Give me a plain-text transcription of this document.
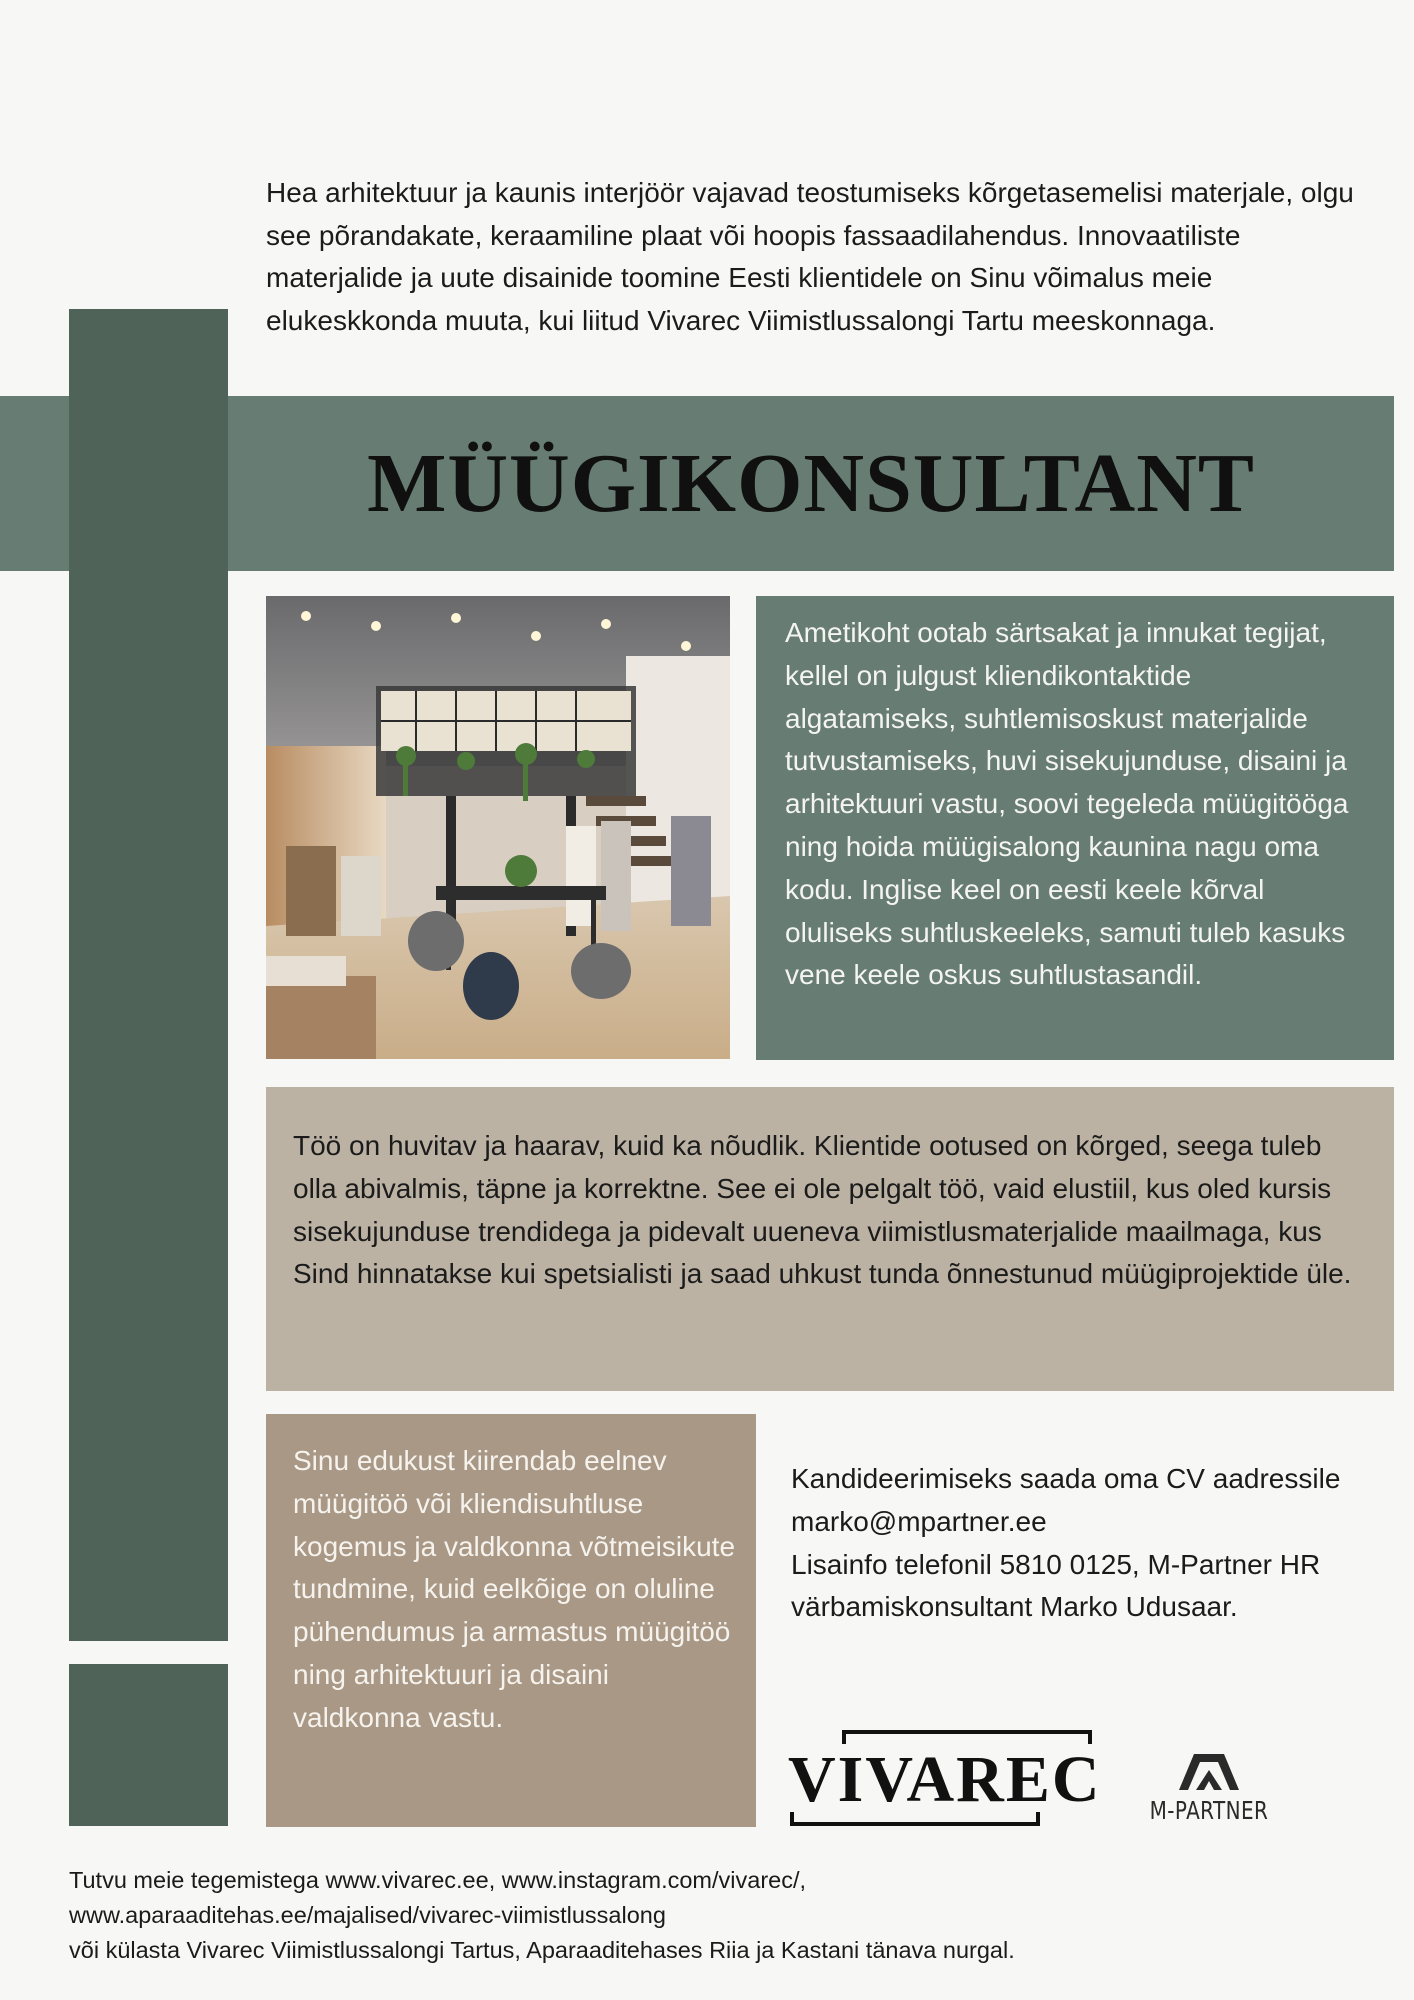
Hea arhitektuur ja kaunis interjöör vajavad teostumiseks kõrgetasemelisi materjale, olgu see põrandakate, keraamiline plaat või hoopis fassaadilahendus. Innovaatiliste materjalide ja uute disainide toomine Eesti klientidele on Sinu võimalus meie elukeskkonda muuta, kui liitud Vivarec Viimistlussalongi Tartu meeskonnaga.

MÜÜGIKONSULTANT
Ametikoht ootab särtsakat ja innukat tegijat, kellel on julgust kliendikontaktide algatamiseks, suhtlemisoskust materjalide tutvustamiseks, huvi sisekujunduse, disaini ja arhitektuuri vastu, soovi tegeleda müügitööga ning hoida müügisalong kaunina nagu oma kodu. Inglise keel on eesti keele kõrval oluliseks suhtluskeeleks, samuti tuleb kasuks vene keele oskus suhtlustasandil.
Töö on huvitav ja haarav, kuid ka nõudlik. Klientide ootused on kõrged, seega tuleb olla abivalmis, täpne ja korrektne. See ei ole pelgalt töö, vaid elustiil, kus oled kursis sisekujunduse trendidega ja pidevalt uueneva viimistlusmaterjalide maailmaga, kus Sind hinnatakse kui spetsialisti ja saad uhkust tunda õnnestunud müügiprojektide üle.
Sinu edukust kiirendab eelnev müügitöö või kliendisuhtluse kogemus ja valdkonna võtmeisikute tundmine, kuid eelkõige on oluline pühendumus ja armastus müügitöö ning arhitektuuri ja disaini valdkonna vastu.
Kandideerimiseks saada oma CV aadressile marko@mpartner.ee
Lisainfo telefonil 5810 0125, M-Partner HR värbamiskonsultant Marko Udusaar.
VIVAREC M-PARTNER
Tutvu meie tegemistega www.vivarec.ee, www.instagram.com/vivarec/,
www.aparaaditehas.ee/majalised/vivarec-viimistlussalong
või külasta Vivarec Viimistlussalongi Tartus, Aparaaditehases Riia ja Kastani tänava nurgal.
